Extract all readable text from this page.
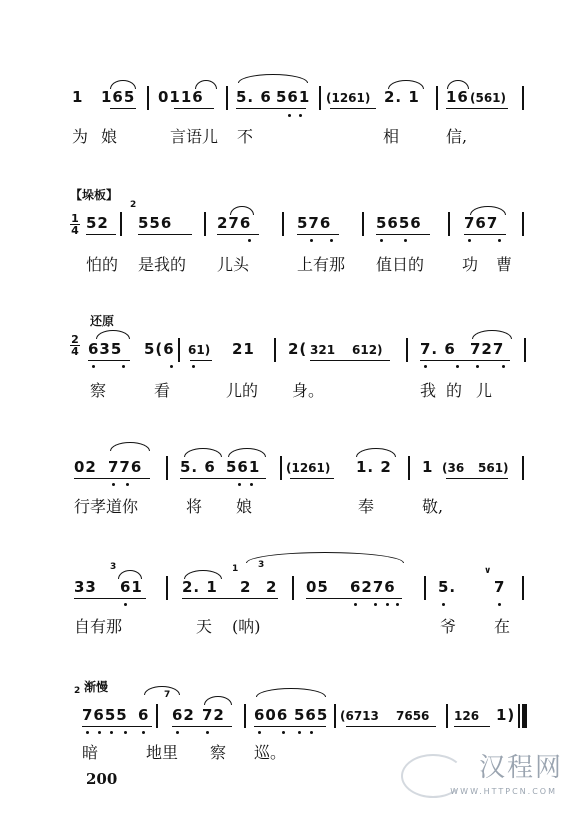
1 165 0116 5. 6 561 (1261) 2. 1 16 (561)
为 娘	言语儿 不	相	信,
【垛板】
1
4 52
2
556	276	576	5656	767
怕的 是我的 儿头	上有那 值日的 功 曹
还原
2
4 635 5(6 61) 21 2( 321 612) 7. 6 727
察	看	儿的 身。	我 的 儿
02 776	5. 6 561 (1261) 1. 2 1 (36 561)
行孝道你	将 娘	奉	敬,
33
3
61	2. 1
1
2
3
2 05 6276	5.
∨
7
自有那	天 (呐)	爷 在
渐慢
2
7655 6
7
62 72 606 565 (6713 7656 126 1)
暗	地里 察 巡。
200	汉程网
WWW.HTTPCN.COM
